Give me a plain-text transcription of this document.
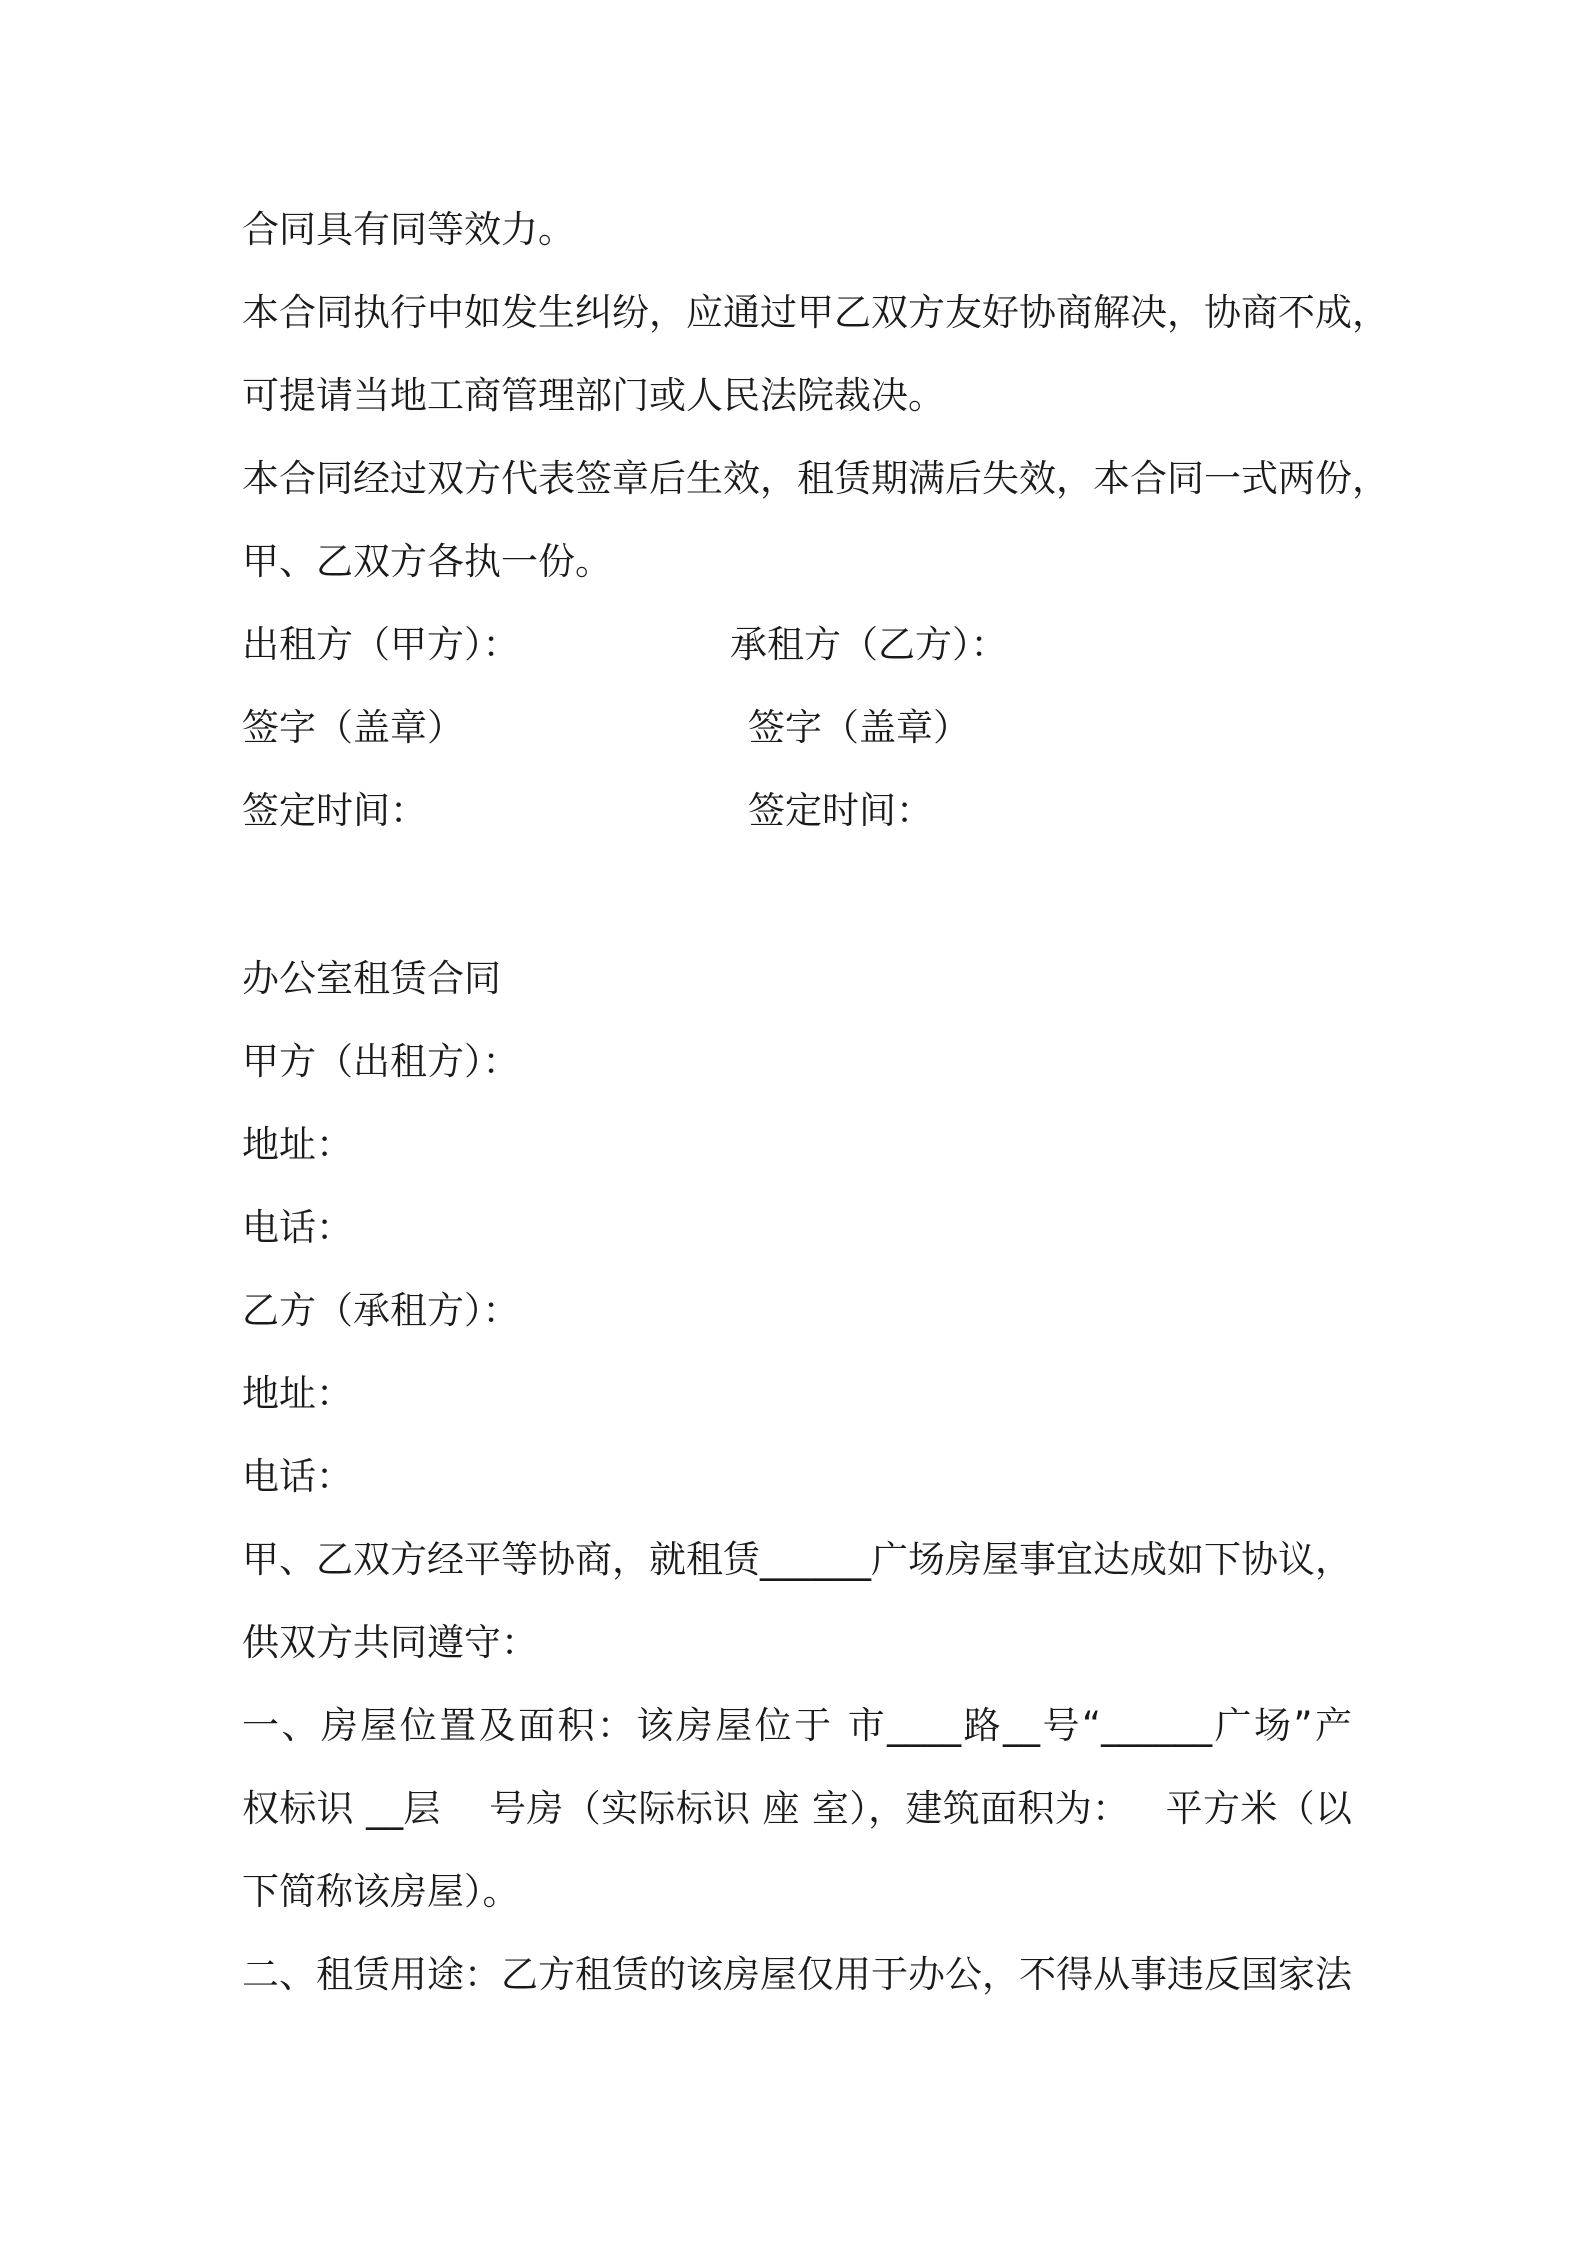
合同具有同等效力。
本合同执行中如发生纠纷，应通过甲乙双方友好协商解决，协商不成，
可提请当地工商管理部门或人民法院裁决。
本合同经过双方代表签章后生效，租赁期满后失效，本合同一式两份，
甲、乙双方各执一份。
出租方（甲方）：	承租方（乙方）：
签字（盖章）	签字（盖章）
签定时间：	签定时间：
办公室租赁合同
甲方（出租方）：
地址：
电话：
乙方（承租方）：
地址：
电话：
甲、乙双方经平等协商，就租赁______广场房屋事宜达成如下协议，
供双方共同遵守：
一、房屋位置及面积：该房屋位于 市____路__号“______广场”产
权标识 __层    号房（实际标识 座 室），建筑面积为：   平方米（以
下简称该房屋）。
二、租赁用途：乙方租赁的该房屋仅用于办公，不得从事违反国家法
